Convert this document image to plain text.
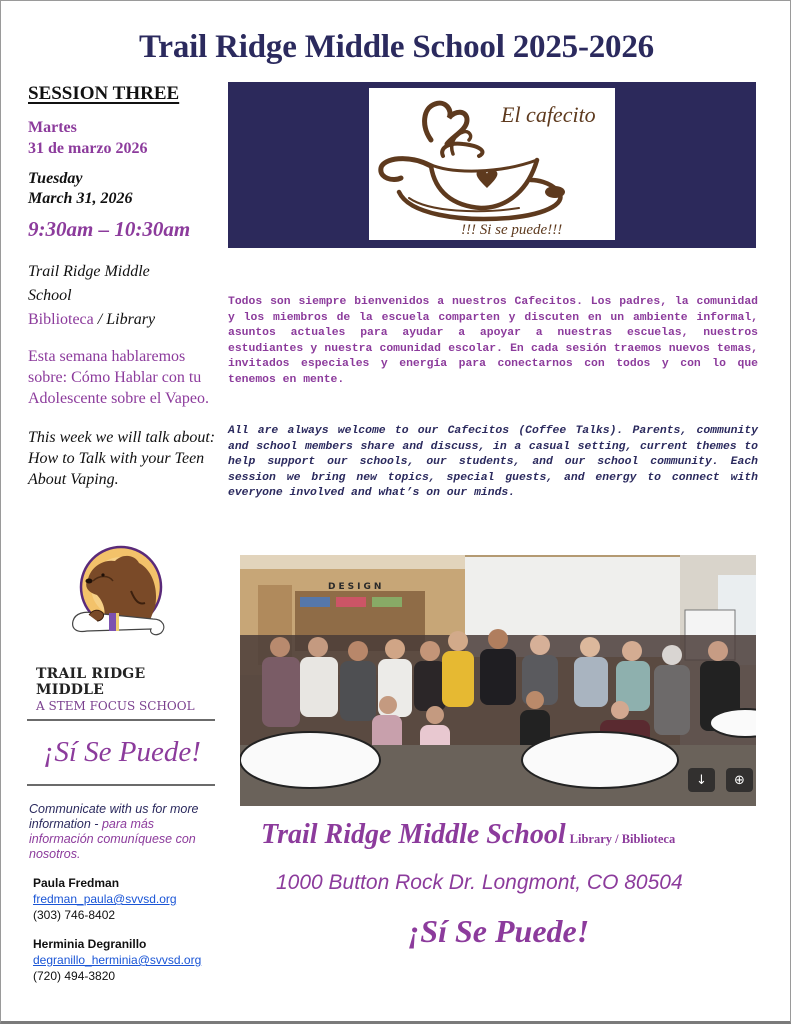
Trail Ridge Middle School 2025-2026
SESSION THREE
Martes
31 de marzo 2026
Tuesday
March 31, 2026
9:30am – 10:30am
Trail Ridge Middle
School
Biblioteca / Library
Esta semana hablaremos sobre: Cómo Hablar con tu Adolescente sobre el Vapeo.
This week we will talk about: How to Talk with your Teen About Vaping.
TRAIL RIDGE MIDDLE
A STEM FOCUS SCHOOL
¡Sí Se Puede!
Communicate with us for more information - para más información comuníquese con nosotros.
Paula Fredman
fredman_paula@svvsd.org
(303) 746-8402
Herminia Degranillo
degranillo_herminia@svvsd.org
(720) 494-3820
El cafecito
!!! Si se puede!!!
Todos son siempre bienvenidos a nuestros Cafecitos. Los padres, la comunidad y los miembros de la escuela comparten y discuten en un ambiente informal, asuntos actuales para ayudar a apoyar a nuestras escuelas, nuestros estudiantes y nuestra comunidad escolar. En cada sesión traemos nuevos temas, invitados especiales y energía para conectarnos con todos y con lo que tenemos en mente.
All are always welcome to our Cafecitos (Coffee Talks). Parents, community and school members share and discuss, in a casual setting, current themes to help support our schools, our students, and our school community. Each session we bring new topics, special guests, and energy to connect with everyone involved and what’s on our minds.
DESIGN
↓ ⊕
Trail Ridge Middle School Library / Biblioteca
1000 Button Rock Dr. Longmont, CO 80504
¡Sí Se Puede!
